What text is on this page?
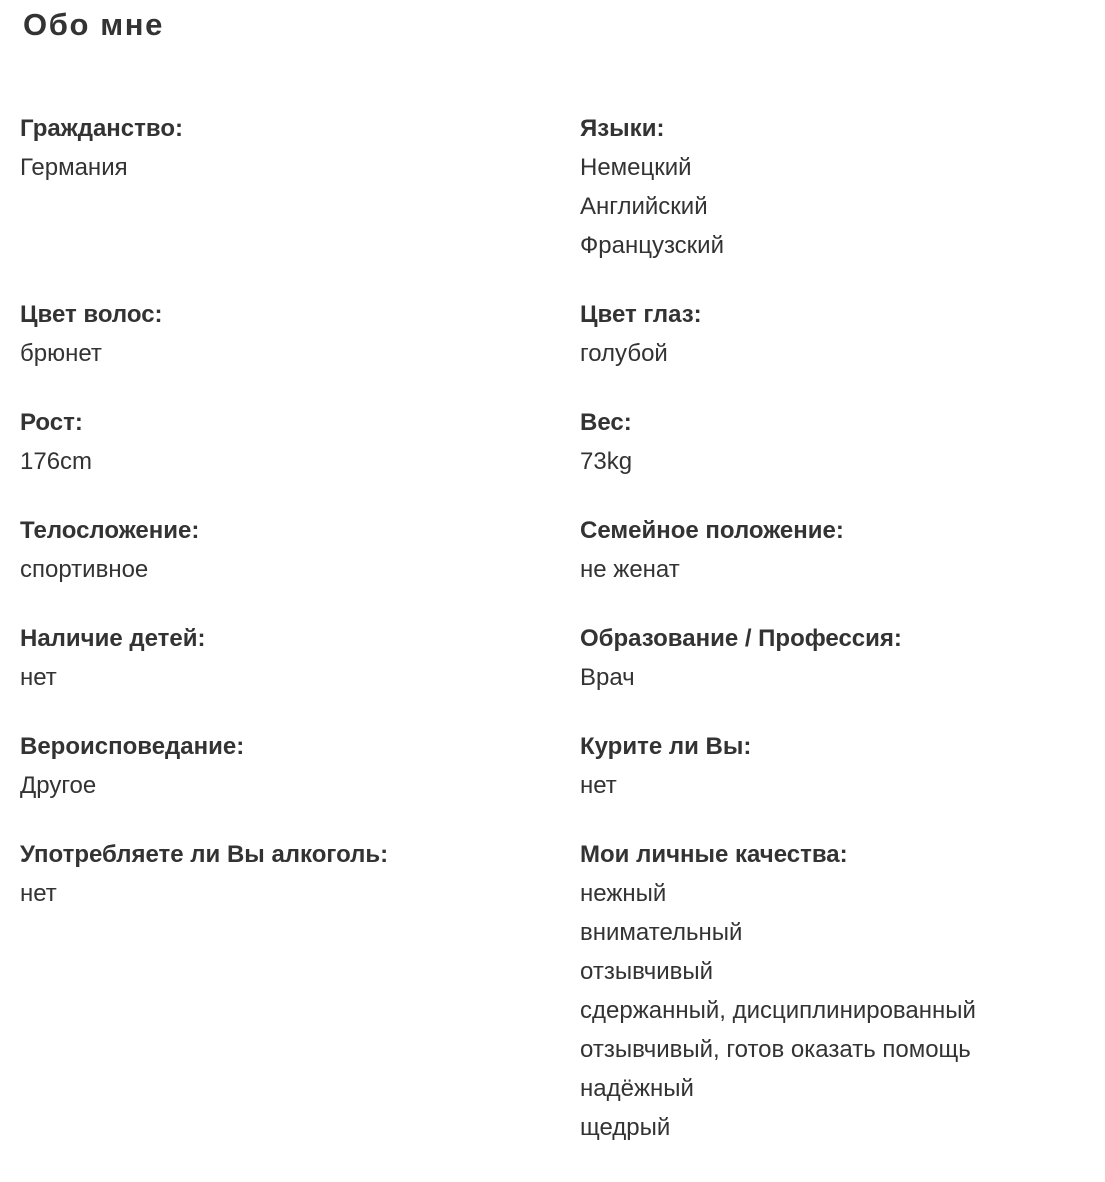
Обо мне
Гражданство:
Германия
Языки:
Немецкий
Английский
Французский
Цвет волос:
брюнет
Цвет глаз:
голубой
Рост:
176cm
Вес:
73kg
Телосложение:
спортивное
Семейное положение:
не женат
Наличие детей:
нет
Образование / Профессия:
Врач
Вероисповедание:
Другое
Курите ли Вы:
нет
Употребляете ли Вы алкоголь:
нет
Мои личные качества:
нежный
внимательный
отзывчивый
сдержанный, дисциплинированный
отзывчивый, готов оказать помощь
надёжный
щедрый
